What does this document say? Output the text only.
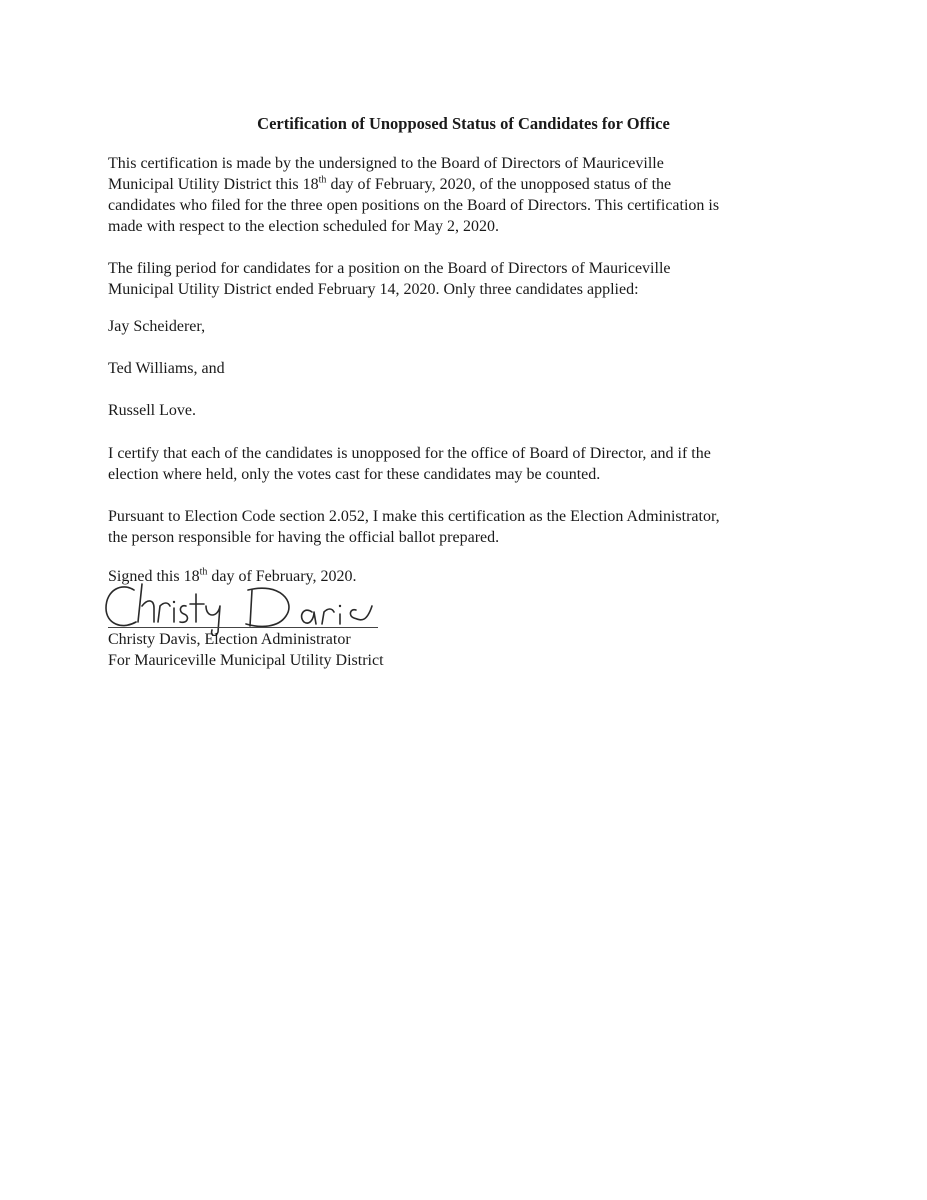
Certification of Unopposed Status of Candidates for Office
This certification is made by the undersigned to the Board of Directors of Mauriceville
Municipal Utility District this 18th day of February, 2020, of the unopposed status of the
candidates who filed for the three open positions on the Board of Directors. This certification is
made with respect to the election scheduled for May 2, 2020.
The filing period for candidates for a position on the Board of Directors of Mauriceville
Municipal Utility District ended February 14, 2020. Only three candidates applied:
Jay Scheiderer,
Ted Williams, and
Russell Love.
I certify that each of the candidates is unopposed for the office of Board of Director, and if the
election where held, only the votes cast for these candidates may be counted.
Pursuant to Election Code section 2.052, I make this certification as the Election Administrator,
the person responsible for having the official ballot prepared.
Signed this 18th day of February, 2020.
Christy Davis, Election Administrator
For Mauriceville Municipal Utility District
